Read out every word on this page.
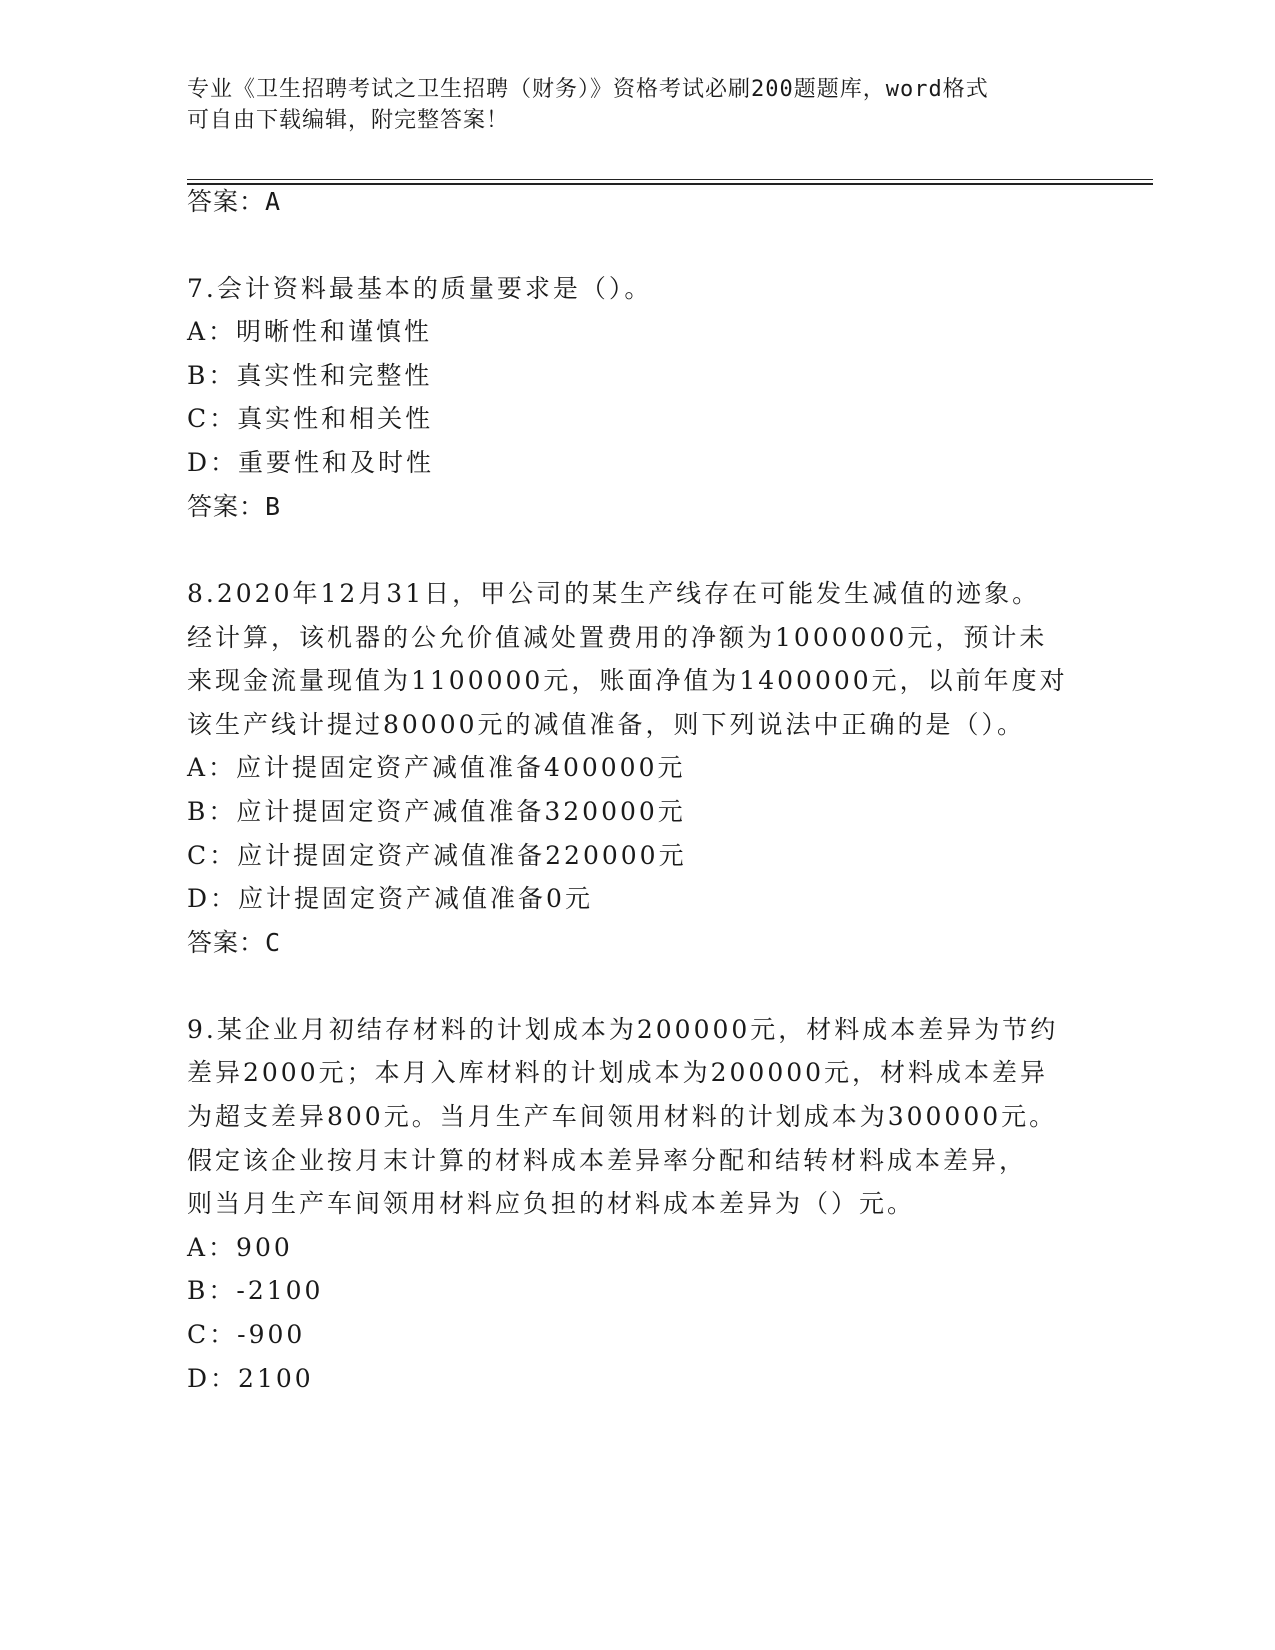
专业《卫生招聘考试之卫生招聘（财务）》资格考试必刷200题题库，word格式
可自由下载编辑，附完整答案！
答案：A
7.会计资料最基本的质量要求是（）。
A：明晰性和谨慎性
B：真实性和完整性
C：真实性和相关性
D：重要性和及时性
答案：B
8.2020年12月31日，甲公司的某生产线存在可能发生减值的迹象。
经计算，该机器的公允价值减处置费用的净额为1000000元，预计未
来现金流量现值为1100000元，账面净值为1400000元，以前年度对
该生产线计提过80000元的减值准备，则下列说法中正确的是（）。
A：应计提固定资产减值准备400000元
B：应计提固定资产减值准备320000元
C：应计提固定资产减值准备220000元
D：应计提固定资产减值准备0元
答案：C
9.某企业月初结存材料的计划成本为200000元，材料成本差异为节约
差异2000元；本月入库材料的计划成本为200000元，材料成本差异
为超支差异800元。当月生产车间领用材料的计划成本为300000元。
假定该企业按月末计算的材料成本差异率分配和结转材料成本差异，
则当月生产车间领用材料应负担的材料成本差异为（）元。
A：900
B：-2100
C：-900
D：2100
